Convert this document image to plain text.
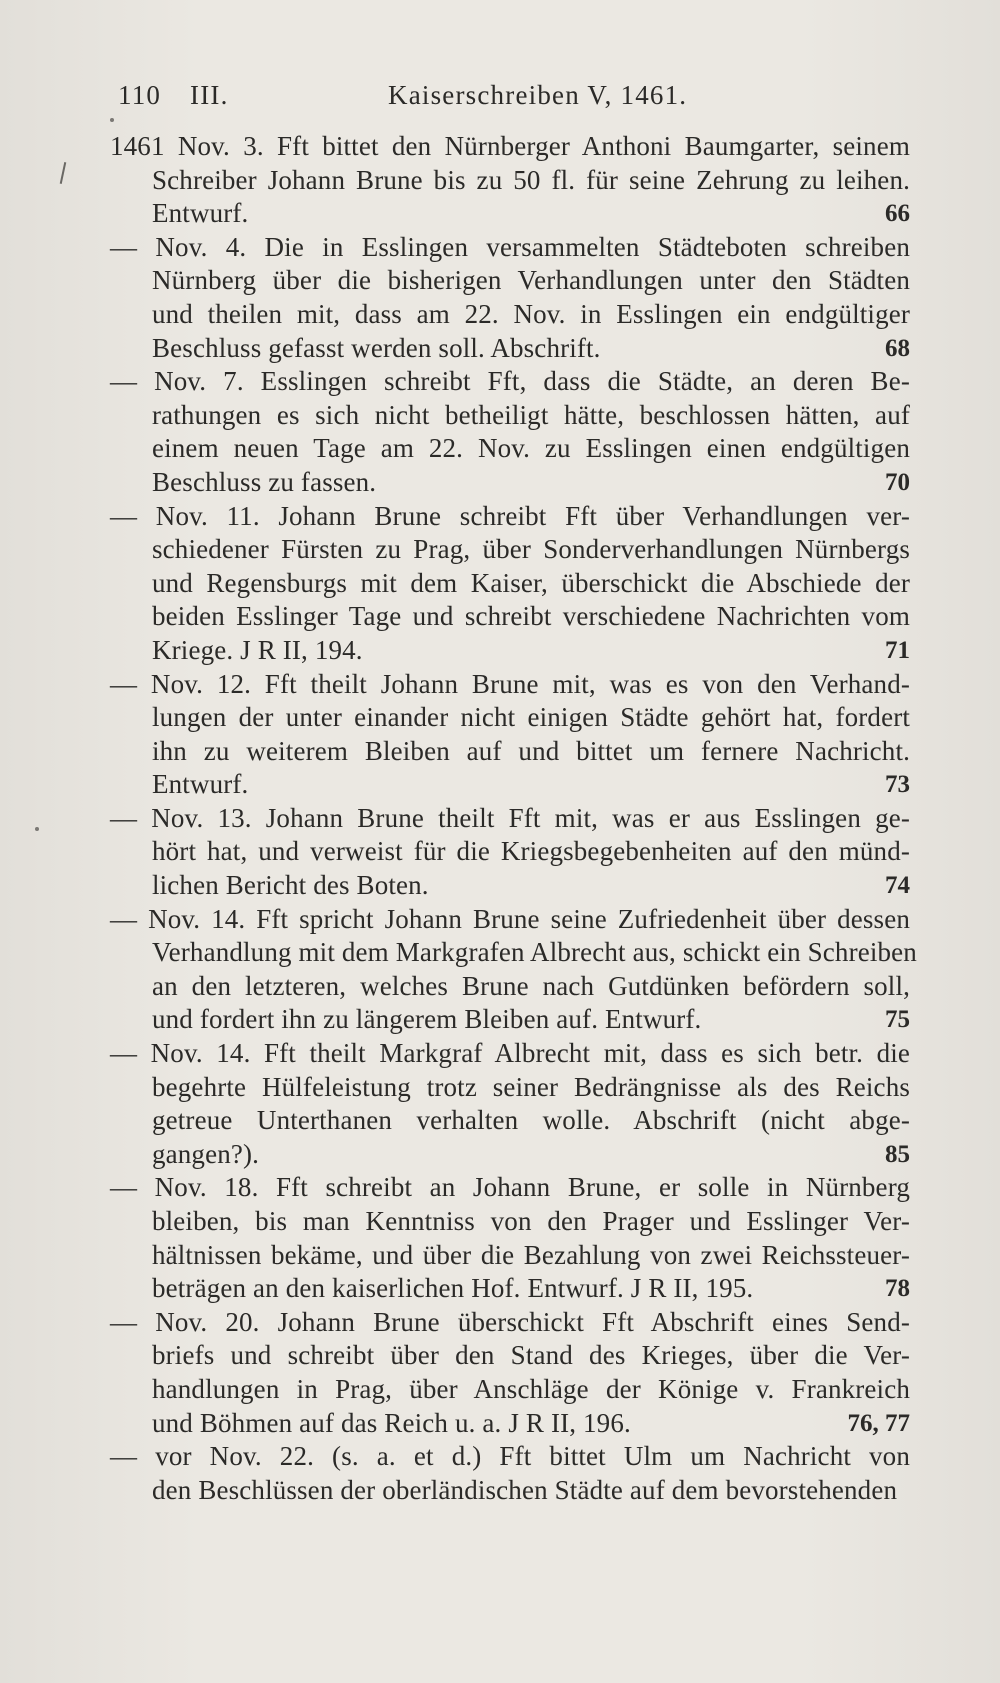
110 III.	Kaiserschreiben V, 1461.
1461 Nov. 3. Fft bittet den Nürnberger Anthoni Baumgarter, seinem
Schreiber Johann Brune bis zu 50 fl. für seine Zehrung zu leihen.
66
Entwurf.
— Nov. 4. Die in Esslingen versammelten Städteboten schreiben
Nürnberg über die bisherigen Verhandlungen unter den Städten
und theilen mit, dass am 22. Nov. in Esslingen ein endgültiger
68
Beschluss gefasst werden soll. Abschrift.
— Nov. 7. Esslingen schreibt Fft, dass die Städte, an deren Be-
rathungen es sich nicht betheiligt hätte, beschlossen hätten, auf
einem neuen Tage am 22. Nov. zu Esslingen einen endgültigen
70
Beschluss zu fassen.
— Nov. 11. Johann Brune schreibt Fft über Verhandlungen ver-
schiedener Fürsten zu Prag, über Sonderverhandlungen Nürnbergs
und Regensburgs mit dem Kaiser, überschickt die Abschiede der
beiden Esslinger Tage und schreibt verschiedene Nachrichten vom
71
Kriege. J R II, 194.
— Nov. 12. Fft theilt Johann Brune mit, was es von den Verhand-
lungen der unter einander nicht einigen Städte gehört hat, fordert
ihn zu weiterem Bleiben auf und bittet um fernere Nachricht.
73
Entwurf.
— Nov. 13. Johann Brune theilt Fft mit, was er aus Esslingen ge-
hört hat, und verweist für die Kriegsbegebenheiten auf den münd-
74
lichen Bericht des Boten.
— Nov. 14. Fft spricht Johann Brune seine Zufriedenheit über dessen
Verhandlung mit dem Markgrafen Albrecht aus, schickt ein Schreiben
an den letzteren, welches Brune nach Gutdünken befördern soll,
75
und fordert ihn zu längerem Bleiben auf. Entwurf.
— Nov. 14. Fft theilt Markgraf Albrecht mit, dass es sich betr. die
begehrte Hülfeleistung trotz seiner Bedrängnisse als des Reichs
getreue Unterthanen verhalten wolle. Abschrift (nicht abge-
85
gangen?).
— Nov. 18. Fft schreibt an Johann Brune, er solle in Nürnberg
bleiben, bis man Kenntniss von den Prager und Esslinger Ver-
hältnissen bekäme, und über die Bezahlung von zwei Reichssteuer-
78
beträgen an den kaiserlichen Hof. Entwurf. J R II, 195.
— Nov. 20. Johann Brune überschickt Fft Abschrift eines Send-
briefs und schreibt über den Stand des Krieges, über die Ver-
handlungen in Prag, über Anschläge der Könige v. Frankreich
76, 77
und Böhmen auf das Reich u. a. J R II, 196.
— vor Nov. 22. (s. a. et d.) Fft bittet Ulm um Nachricht von
den Beschlüssen der oberländischen Städte auf dem bevorstehenden
